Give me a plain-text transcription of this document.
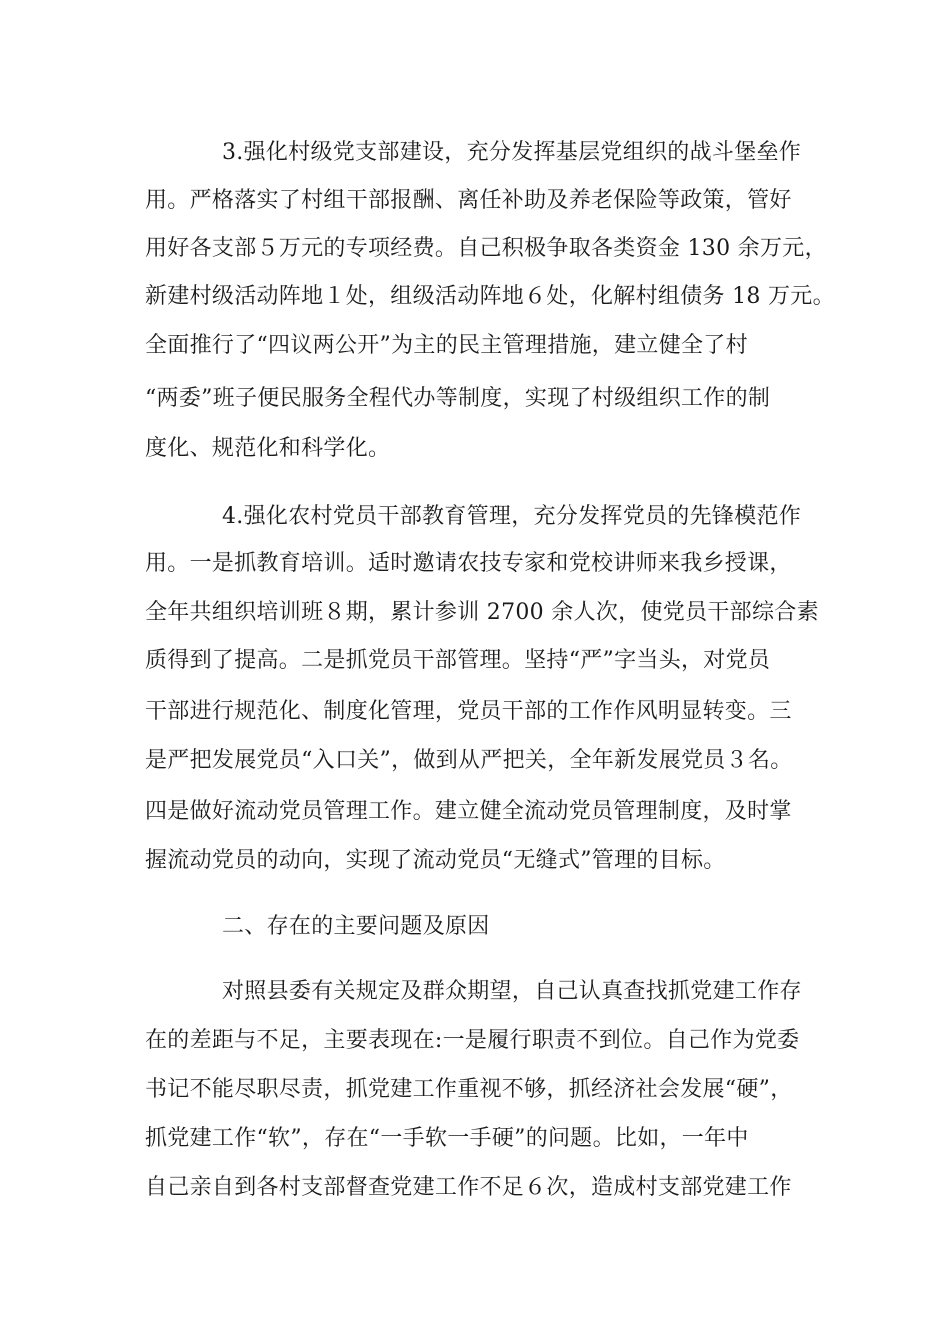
3.强化村级党支部建设，充分发挥基层党组织的战斗堡垒作
用。严格落实了村组干部报酬、离任补助及养老保险等政策，管好
用好各支部５万元的专项经费。自己积极争取各类资金 130 余万元，
新建村级活动阵地１处，组级活动阵地６处，化解村组债务 18 万元。
全面推行了“四议两公开”为主的民主管理措施，建立健全了村
“两委”班子便民服务全程代办等制度，实现了村级组织工作的制
度化、规范化和科学化。
4.强化农村党员干部教育管理，充分发挥党员的先锋模范作
用。一是抓教育培训。适时邀请农技专家和党校讲师来我乡授课，
全年共组织培训班８期，累计参训 2700 余人次，使党员干部综合素
质得到了提高。二是抓党员干部管理。坚持“严”字当头，对党员
干部进行规范化、制度化管理，党员干部的工作作风明显转变。三
是严把发展党员“入口关”，做到从严把关，全年新发展党员３名。
四是做好流动党员管理工作。建立健全流动党员管理制度，及时掌
握流动党员的动向，实现了流动党员“无缝式”管理的目标。
二、存在的主要问题及原因
对照县委有关规定及群众期望，自己认真查找抓党建工作存
在的差距与不足，主要表现在:一是履行职责不到位。自己作为党委
书记不能尽职尽责，抓党建工作重视不够，抓经济社会发展“硬”，
抓党建工作“软”，存在“一手软一手硬”的问题。比如，一年中
自己亲自到各村支部督查党建工作不足６次，造成村支部党建工作
